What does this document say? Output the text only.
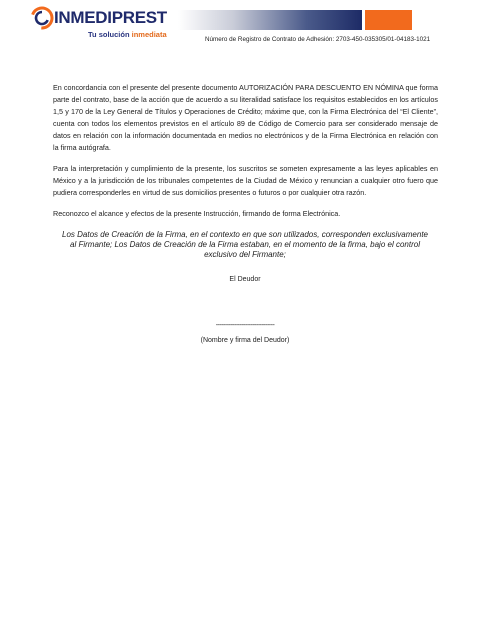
INMEDIPREST
Tu solución inmediata
Número de Registro de Contrato de Adhesión: 2703-450-035305/01-04183-1021
En concordancia con el presente del presente documento AUTORIZACIÓN PARA DESCUENTO EN NÓMINA que forma parte del contrato, base de la acción que de acuerdo a su literalidad satisface los requisitos establecidos en los artículos 1,5 y 170 de la Ley General de Títulos y Operaciones de Crédito; máxime que, con la Firma Electrónica del “El Cliente”, cuenta con todos los elementos previstos en el artículo 89 de Código de Comercio para ser considerado mensaje de datos en relación con la información documentada en medios no electrónicos y de la Firma Electrónica en relación con la firma autógrafa.
Para la interpretación y cumplimiento de la presente, los suscritos se someten expresamente a las leyes aplicables en México y a la jurisdicción de los tribunales competentes de la Ciudad de México y renuncian a cualquier otro fuero que pudiera corresponderles en virtud de sus domicilios presentes o futuros o por cualquier otra razón.
Reconozco el alcance y efectos de la presente Instrucción, firmando de forma Electrónica.
Los Datos de Creación de la Firma, en el contexto en que son utilizados, corresponden exclusivamente al Firmante; Los Datos de Creación de la Firma estaban, en el momento de la firma, bajo el control exclusivo del Firmante;
El Deudor
--------------------------------
(Nombre y firma del Deudor)
